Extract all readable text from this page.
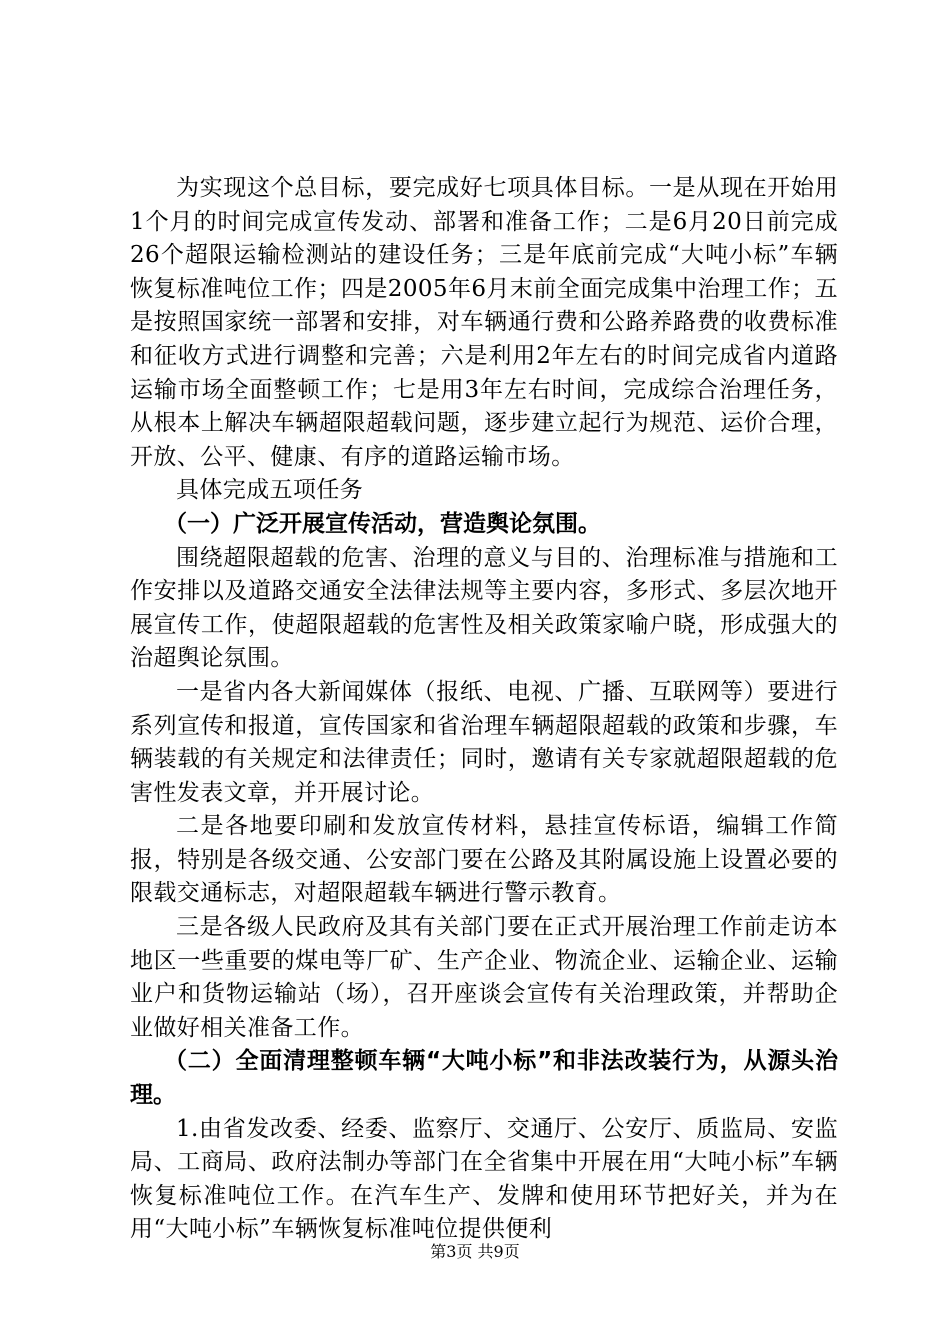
为实现这个总目标，要完成好七项具体目标。一是从现在开始用1个月的时间完成宣传发动、部署和准备工作；二是6月20日前完成26个超限运输检测站的建设任务；三是年底前完成“大吨小标”车辆恢复标准吨位工作；四是2005年6月末前全面完成集中治理工作；五是按照国家统一部署和安排，对车辆通行费和公路养路费的收费标准和征收方式进行调整和完善；六是利用2年左右的时间完成省内道路运输市场全面整顿工作；七是用3年左右时间，完成综合治理任务，从根本上解决车辆超限超载问题，逐步建立起行为规范、运价合理，开放、公平、健康、有序的道路运输市场。

具体完成五项任务

（一）广泛开展宣传活动，营造舆论氛围。

围绕超限超载的危害、治理的意义与目的、治理标准与措施和工作安排以及道路交通安全法律法规等主要内容，多形式、多层次地开展宣传工作，使超限超载的危害性及相关政策家喻户晓，形成强大的治超舆论氛围。

一是省内各大新闻媒体（报纸、电视、广播、互联网等）要进行系列宣传和报道，宣传国家和省治理车辆超限超载的政策和步骤，车辆装载的有关规定和法律责任；同时，邀请有关专家就超限超载的危害性发表文章，并开展讨论。

二是各地要印刷和发放宣传材料，悬挂宣传标语，编辑工作简报，特别是各级交通、公安部门要在公路及其附属设施上设置必要的限载交通标志，对超限超载车辆进行警示教育。

三是各级人民政府及其有关部门要在正式开展治理工作前走访本地区一些重要的煤电等厂矿、生产企业、物流企业、运输企业、运输业户和货物运输站（场），召开座谈会宣传有关治理政策，并帮助企业做好相关准备工作。

（二）全面清理整顿车辆“大吨小标”和非法改装行为，从源头治理。

1.由省发改委、经委、监察厅、交通厅、公安厅、质监局、安监局、工商局、政府法制办等部门在全省集中开展在用“大吨小标”车辆恢复标准吨位工作。在汽车生产、发牌和使用环节把好关，并为在用“大吨小标”车辆恢复标准吨位提供便利

第3页 共9页
